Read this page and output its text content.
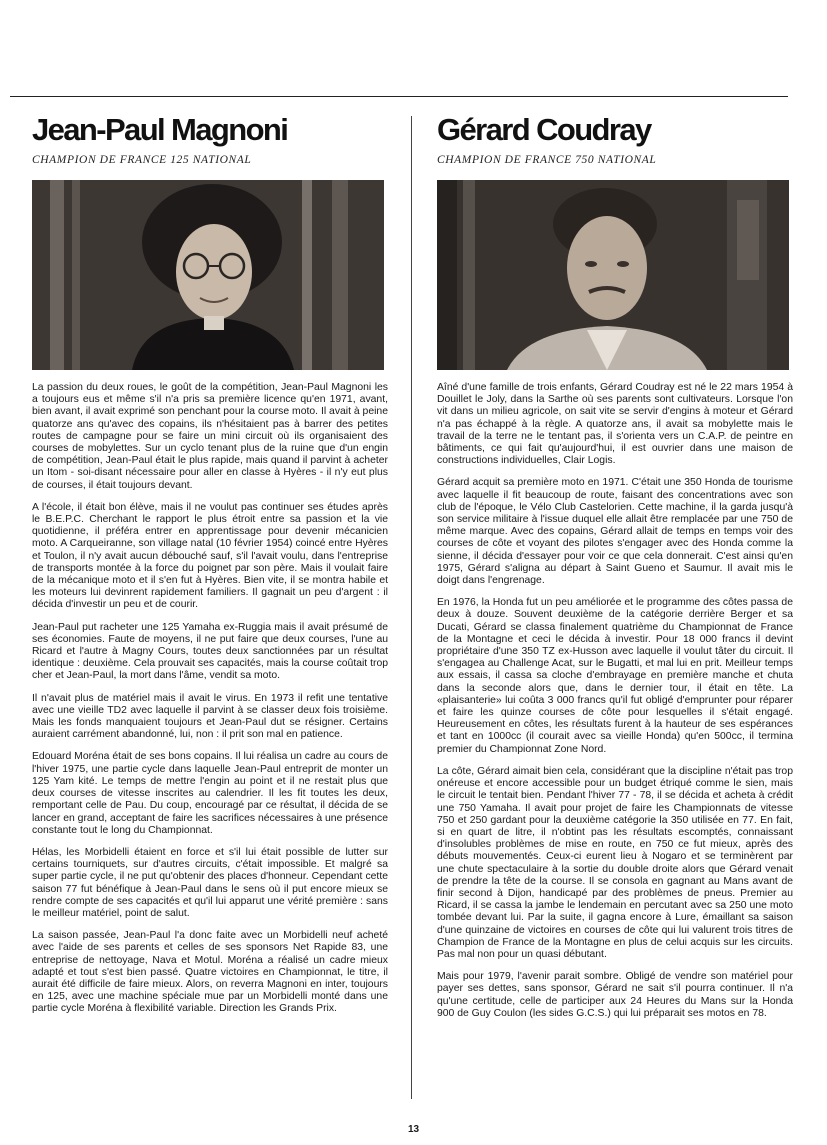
Jean-Paul Magnoni
CHAMPION DE FRANCE 125 NATIONAL

La passion du deux roues, le goût de la compétition, Jean-Paul Magnoni les a toujours eus et même s'il n'a pris sa première licence qu'en 1971, avant, bien avant, il avait exprimé son penchant pour la course moto. Il avait à peine quatorze ans qu'avec des copains, ils n'hésitaient pas à barrer des petites routes de campagne pour se faire un mini circuit où ils organisaient des courses de mobylettes. Sur un cyclo tenant plus de la ruine que d'un engin de compétition, Jean-Paul était le plus rapide, mais quand il parvint à acheter un Itom - soi-disant nécessaire pour aller en classe à Hyères - il n'y eut plus de courses, il était toujours devant.

A l'école, il était bon élève, mais il ne voulut pas continuer ses études après le B.E.P.C. Cherchant le rapport le plus étroit entre sa passion et la vie quotidienne, il préféra entrer en apprentissage pour devenir mécanicien moto. A Carqueiranne, son village natal (10 février 1954) coincé entre Hyères et Toulon, il n'y avait aucun débouché sauf, s'il l'avait voulu, dans l'entreprise de transports montée à la force du poignet par son père. Mais il voulait faire de la mécanique moto et il s'en fut à Hyères. Bien vite, il se montra habile et les moteurs lui devinrent rapidement familiers. Il gagnait un peu d'argent : il décida d'investir un peu et de courir.

Jean-Paul put racheter une 125 Yamaha ex-Ruggia mais il avait présumé de ses économies. Faute de moyens, il ne put faire que deux courses, l'une au Ricard et l'autre à Magny Cours, toutes deux sanctionnées par un résultat identique : deuxième. Cela prouvait ses capacités, mais la course coûtait trop cher et Jean-Paul, la mort dans l'âme, vendit sa moto.

Il n'avait plus de matériel mais il avait le virus. En 1973 il refit une tentative avec une vieille TD2 avec laquelle il parvint à se classer deux fois troisième. Mais les fonds manquaient toujours et Jean-Paul dut se résigner. Certains auraient carrément abandonné, lui, non : il prit son mal en patience.

Edouard Moréna était de ses bons copains. Il lui réalisa un cadre au cours de l'hiver 1975, une partie cycle dans laquelle Jean-Paul entreprit de monter un 125 Yam kité. Le temps de mettre l'engin au point et il ne restait plus que deux courses de vitesse inscrites au calendrier. Il les fit toutes les deux, remportant celle de Pau. Du coup, encouragé par ce résultat, il décida de se lancer en grand, acceptant de faire les sacrifices nécessaires à une présence constante tout le long du Championnat.

Hélas, les Morbidelli étaient en force et s'il lui était possible de lutter sur certains tourniquets, sur d'autres circuits, c'était impossible. Et malgré sa super partie cycle, il ne put qu'obtenir des places d'honneur. Cependant cette saison 77 fut bénéfique à Jean-Paul dans le sens où il put encore mieux se rendre compte de ses capacités et qu'il lui apparut une vérité première : sans le meilleur matériel, point de salut.

La saison passée, Jean-Paul l'a donc faite avec un Morbidelli neuf acheté avec l'aide de ses parents et celles de ses sponsors Net Rapide 83, une entreprise de nettoyage, Nava et Motul. Moréna a réalisé un cadre mieux adapté et tout s'est bien passé. Quatre victoires en Championnat, le titre, il aurait été difficile de faire mieux. Alors, on reverra Magnoni en inter, toujours en 125, avec une machine spéciale mue par un Morbidelli monté dans une partie cycle Moréna à flexibilité variable. Direction les Grands Prix.

Gérard Coudray
CHAMPION DE FRANCE 750 NATIONAL

Aîné d'une famille de trois enfants, Gérard Coudray est né le 22 mars 1954 à Douillet le Joly, dans la Sarthe où ses parents sont cultivateurs. Lorsque l'on vit dans un milieu agricole, on sait vite se servir d'engins à moteur et Gérard n'a pas échappé à la règle. A quatorze ans, il avait sa mobylette mais le travail de la terre ne le tentant pas, il s'orienta vers un C.A.P. de peintre en bâtiments, ce qui fait qu'aujourd'hui, il est ouvrier dans une maison de constructions individuelles, Clair Logis.

Gérard acquit sa première moto en 1971. C'était une 350 Honda de tourisme avec laquelle il fit beaucoup de route, faisant des concentrations avec son club de l'époque, le Vélo Club Castelorien. Cette machine, il la garda jusqu'à son service militaire à l'issue duquel elle allait être remplacée par une 750 de même marque. Avec des copains, Gérard allait de temps en temps voir des courses de côte et voyant des pilotes s'engager avec des Honda comme la sienne, il décida d'essayer pour voir ce que cela donnerait. C'est ainsi qu'en 1975, Gérard s'aligna au départ à Saint Gueno et Saumur. Il avait mis le doigt dans l'engrenage.

En 1976, la Honda fut un peu améliorée et le programme des côtes passa de deux à douze. Souvent deuxième de la catégorie derrière Berger et sa Ducati, Gérard se classa finalement quatrième du Championnat de France de la Montagne et ceci le décida à investir. Pour 18 000 francs il devint propriétaire d'une 350 TZ ex-Husson avec laquelle il voulut tâter du circuit. Il s'engagea au Challenge Acat, sur le Bugatti, et mal lui en prit. Meilleur temps aux essais, il cassa sa cloche d'embrayage en première manche et chuta dans la seconde alors que, dans le dernier tour, il était en tête. La «plaisanterie» lui coûta 3 000 francs qu'il fut obligé d'emprunter pour réparer et faire les quinze courses de côte pour lesquelles il s'était engagé. Heureusement en côtes, les résultats furent à la hauteur de ses espérances et tant en 1000cc (il courait avec sa vieille Honda) qu'en 500cc, il termina premier du Championnat Zone Nord.

La côte, Gérard aimait bien cela, considérant que la discipline n'était pas trop onéreuse et encore accessible pour un budget étriqué comme le sien, mais le circuit le tentait bien. Pendant l'hiver 77 - 78, il se décida et acheta à crédit une 750 Yamaha. Il avait pour projet de faire les Championnats de vitesse 750 et 250 gardant pour la deuxième catégorie la 350 utilisée en 77. En fait, si en quart de litre, il n'obtint pas les résultats escomptés, connaissant d'insolubles problèmes de mise en route, en 750 ce fut mieux, après des débuts mouvementés. Ceux-ci eurent lieu à Nogaro et se terminèrent par une chute spectaculaire à la sortie du double droite alors que Gérard venait de prendre la tête de la course. Il se consola en gagnant au Mans avant de finir second à Dijon, handicapé par des problèmes de pneus. Premier au Ricard, il se cassa la jambe le lendemain en percutant avec sa 250 une moto tombée devant lui. Par la suite, il gagna encore à Lure, émaillant sa saison d'une quinzaine de victoires en courses de côte qui lui valurent trois titres de Champion de France de la Montagne en plus de celui acquis sur les circuits. Pas mal non pour un quasi débutant.

Mais pour 1979, l'avenir parait sombre. Obligé de vendre son matériel pour payer ses dettes, sans sponsor, Gérard ne sait s'il pourra continuer. Il n'a qu'une certitude, celle de participer aux 24 Heures du Mans sur la Honda 900 de Guy Coulon (les sides G.C.S.) qui lui préparait ses motos en 78.

13
